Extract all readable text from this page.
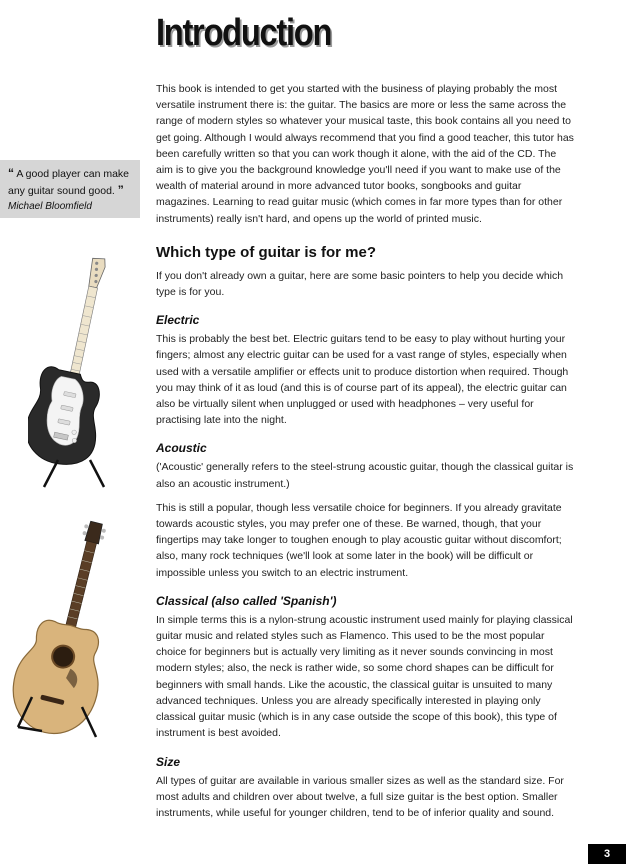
Introduction

“ A good player can make any guitar sound good. ”

Michael Bloomfield

This book is intended to get you started with the business of playing probably the most versatile instrument there is: the guitar. The basics are more or less the same across the range of modern styles so whatever your musical taste, this book contains all you need to get going. Although I would always recommend that you find a good teacher, this tutor has been carefully written so that you can work though it alone, with the aid of the CD. The aim is to give you the background knowledge you'll need if you want to make use of the wealth of material around in more advanced tutor books, songbooks and guitar magazines. Learning to read guitar music (which comes in far more types than for other instruments) really isn't hard, and opens up the world of printed music.

Which type of guitar is for me?

If you don't already own a guitar, here are some basic pointers to help you decide which type is for you.

Electric

This is probably the best bet. Electric guitars tend to be easy to play without hurting your fingers; almost any electric guitar can be used for a vast range of styles, especially when used with a versatile amplifier or effects unit to produce distortion when required. Though you may think of it as loud (and this is of course part of its appeal), the electric guitar can also be virtually silent when unplugged or used with headphones – very useful for practising late into the night.

Acoustic

('Acoustic' generally refers to the steel-strung acoustic guitar, though the classical guitar is also an acoustic instrument.)

This is still a popular, though less versatile choice for beginners. If you already gravitate towards acoustic styles, you may prefer one of these. Be warned, though, that your fingertips may take longer to toughen enough to play acoustic guitar without discomfort; also, many rock techniques (we'll look at some later in the book) will be difficult or impossible unless you switch to an electric instrument.

Classical (also called 'Spanish')

In simple terms this is a nylon-strung acoustic instrument used mainly for playing classical guitar music and related styles such as Flamenco. This used to be the most popular choice for beginners but is actually very limiting as it never sounds convincing in most modern styles; also, the neck is rather wide, so some chord shapes can be difficult for beginners with small hands. Like the acoustic, the classical guitar is unsuited to many advanced techniques. Unless you are already specifically interested in playing only classical guitar music (which is in any case outside the scope of this book), this type of instrument is best avoided.

Size

All types of guitar are available in various smaller sizes as well as the standard size. For most adults and children over about twelve, a full size guitar is the best option. Smaller instruments, while useful for younger children, tend to be of inferior quality and sound.

3
